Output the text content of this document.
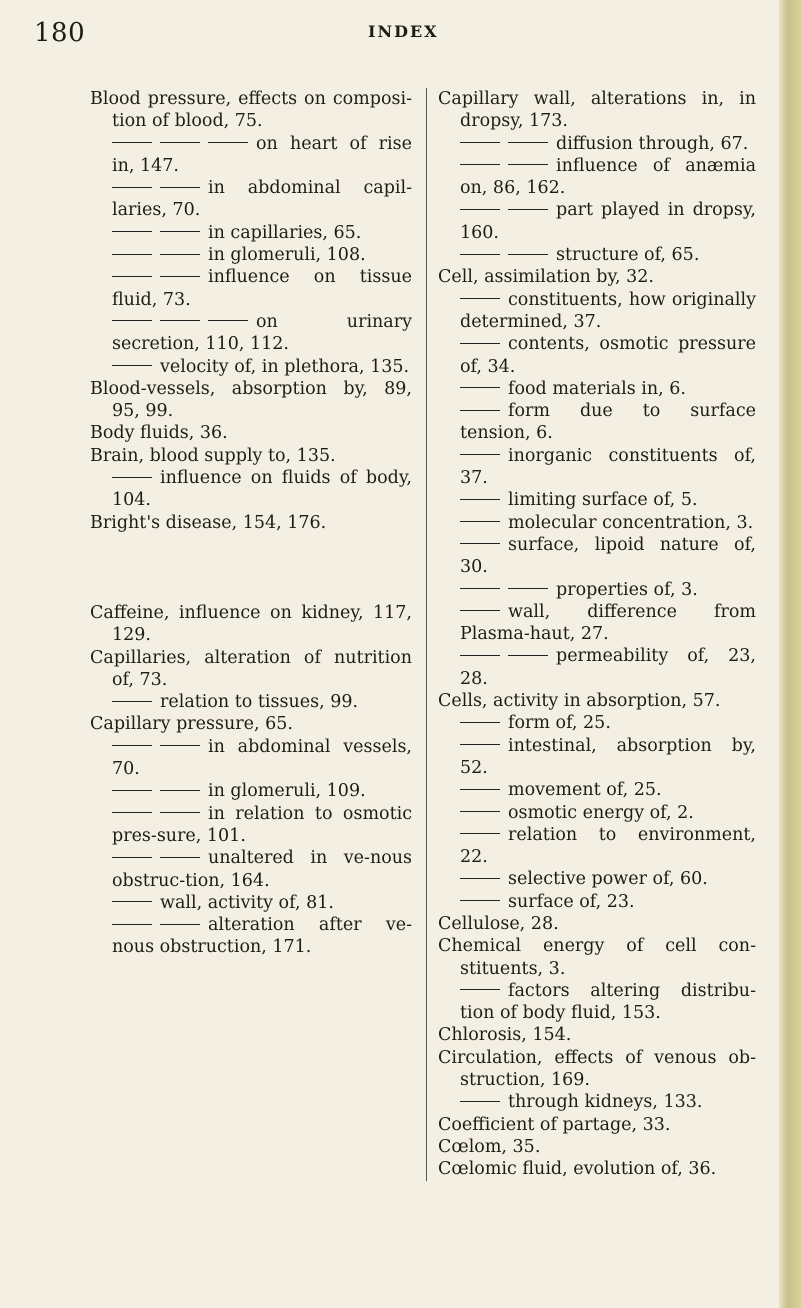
180	INDEX

Blood pressure, effects on composi-tion of blood, 75.

on heart of rise in, 147.

in abdominal capil-laries, 70.

in capillaries, 65.

in glomeruli, 108.

influence on tissue fluid, 73.

on urinary secretion, 110, 112.

velocity of, in plethora, 135.

Blood-vessels, absorption by, 89, 95, 99.

Body fluids, 36.

Brain, blood supply to, 135.

influence on fluids of body, 104.

Bright's disease, 154, 176.

Caffeine, influence on kidney, 117, 129.

Capillaries, alteration of nutrition of, 73.

relation to tissues, 99.

Capillary pressure, 65.

in abdominal vessels, 70.

in glomeruli, 109.

in relation to osmotic pres-sure, 101.

unaltered in ve-nous obstruc-tion, 164.

wall, activity of, 81.

alteration after ve-nous obstruction, 171.

Capillary wall, alterations in, in dropsy, 173.

diffusion through, 67.

influence of anæmia on, 86, 162.

part played in dropsy, 160.

structure of, 65.

Cell, assimilation by, 32.

constituents, how originally determined, 37.

contents, osmotic pressure of, 34.

food materials in, 6.

form due to surface tension, 6.

inorganic constituents of, 37.

limiting surface of, 5.

molecular concentration, 3.

surface, lipoid nature of, 30.

properties of, 3.

wall, difference from Plasma-haut, 27.

permeability of, 23, 28.

Cells, activity in absorption, 57.

form of, 25.

intestinal, absorption by, 52.

movement of, 25.

osmotic energy of, 2.

relation to environment, 22.

selective power of, 60.

surface of, 23.

Cellulose, 28.

Chemical energy of cell con-stituents, 3.

factors altering distribu-tion of body fluid, 153.

Chlorosis, 154.

Circulation, effects of venous ob-struction, 169.

through kidneys, 133.

Coefficient of partage, 33.

Cœlom, 35.

Cœlomic fluid, evolution of, 36.
